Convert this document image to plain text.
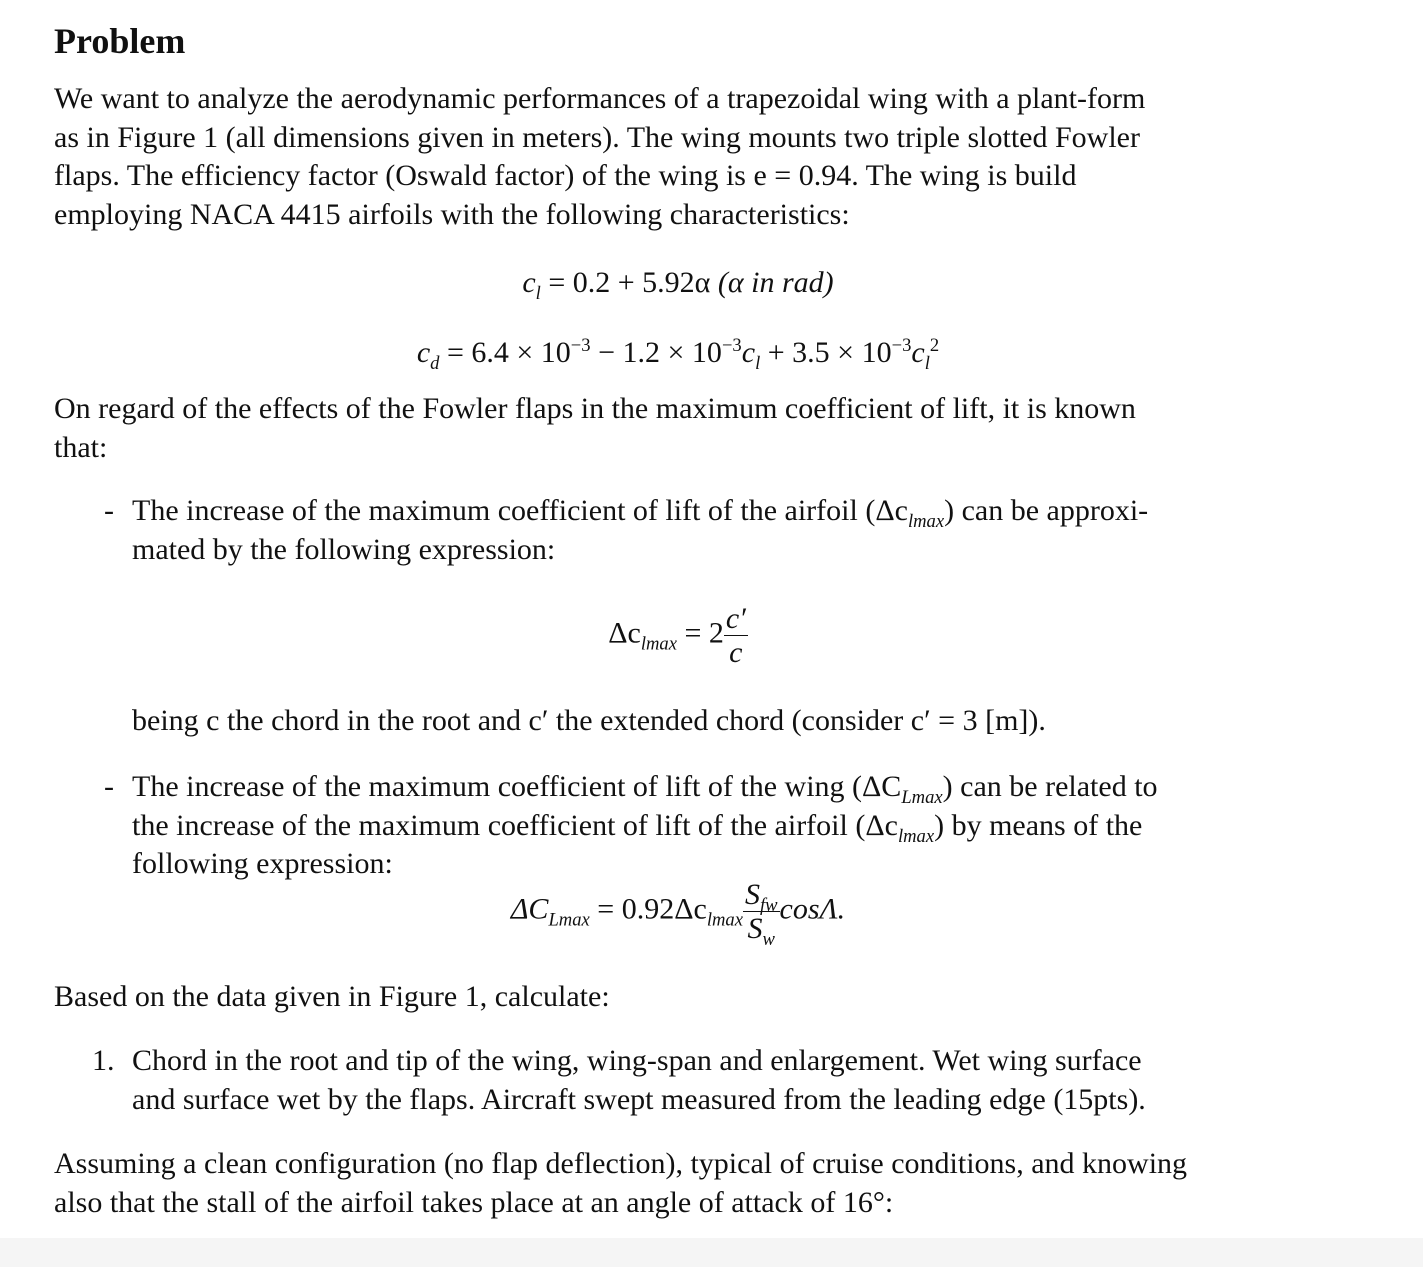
Problem

We want to analyze the aerodynamic performances of a trapezoidal wing with a plant-form

as in Figure 1 (all dimensions given in meters). The wing mounts two triple slotted Fowler

flaps. The efficiency factor (Oswald factor) of the wing is e = 0.94. The wing is build

employing NACA 4415 airfoils with the following characteristics:

$c_l = 0.2 + 5.92\alpha$ (α in rad)
$c_d = 6.4 \times 10^{-3} - 1.2 \times 10^{-3}c_l + 3.5 \times 10^{-3}c_l^2$

On regard of the effects of the Fowler flaps in the maximum coefficient of lift, it is known

that:

- The increase of the maximum coefficient of lift of the airfoil $(\Delta c_{lmax})$ can be approxi-

mated by the following expression:

$\Delta c_{lmax} = 2 \frac{c'}{c}$

being c the chord in the root and c′ the extended chord (consider c′ = 3 [m]).

- The increase of the maximum coefficient of lift of the wing $(\Delta C_{Lmax})$ can be related to

the increase of the maximum coefficient of lift of the airfoil $(\Delta c_{lmax})$ by means of the

following expression:

$\Delta C_{Lmax} = 0.92\Delta c_{lmax} \frac{S_{fw}}{S_w} \cos\Lambda$.

Based on the data given in Figure 1, calculate:

1. Chord in the root and tip of the wing, wing-span and enlargement. Wet wing surface

and surface wet by the flaps. Aircraft swept measured from the leading edge (15pts).

Assuming a clean configuration (no flap deflection), typical of cruise conditions, and knowing

also that the stall of the airfoil takes place at an angle of attack of 16°:
